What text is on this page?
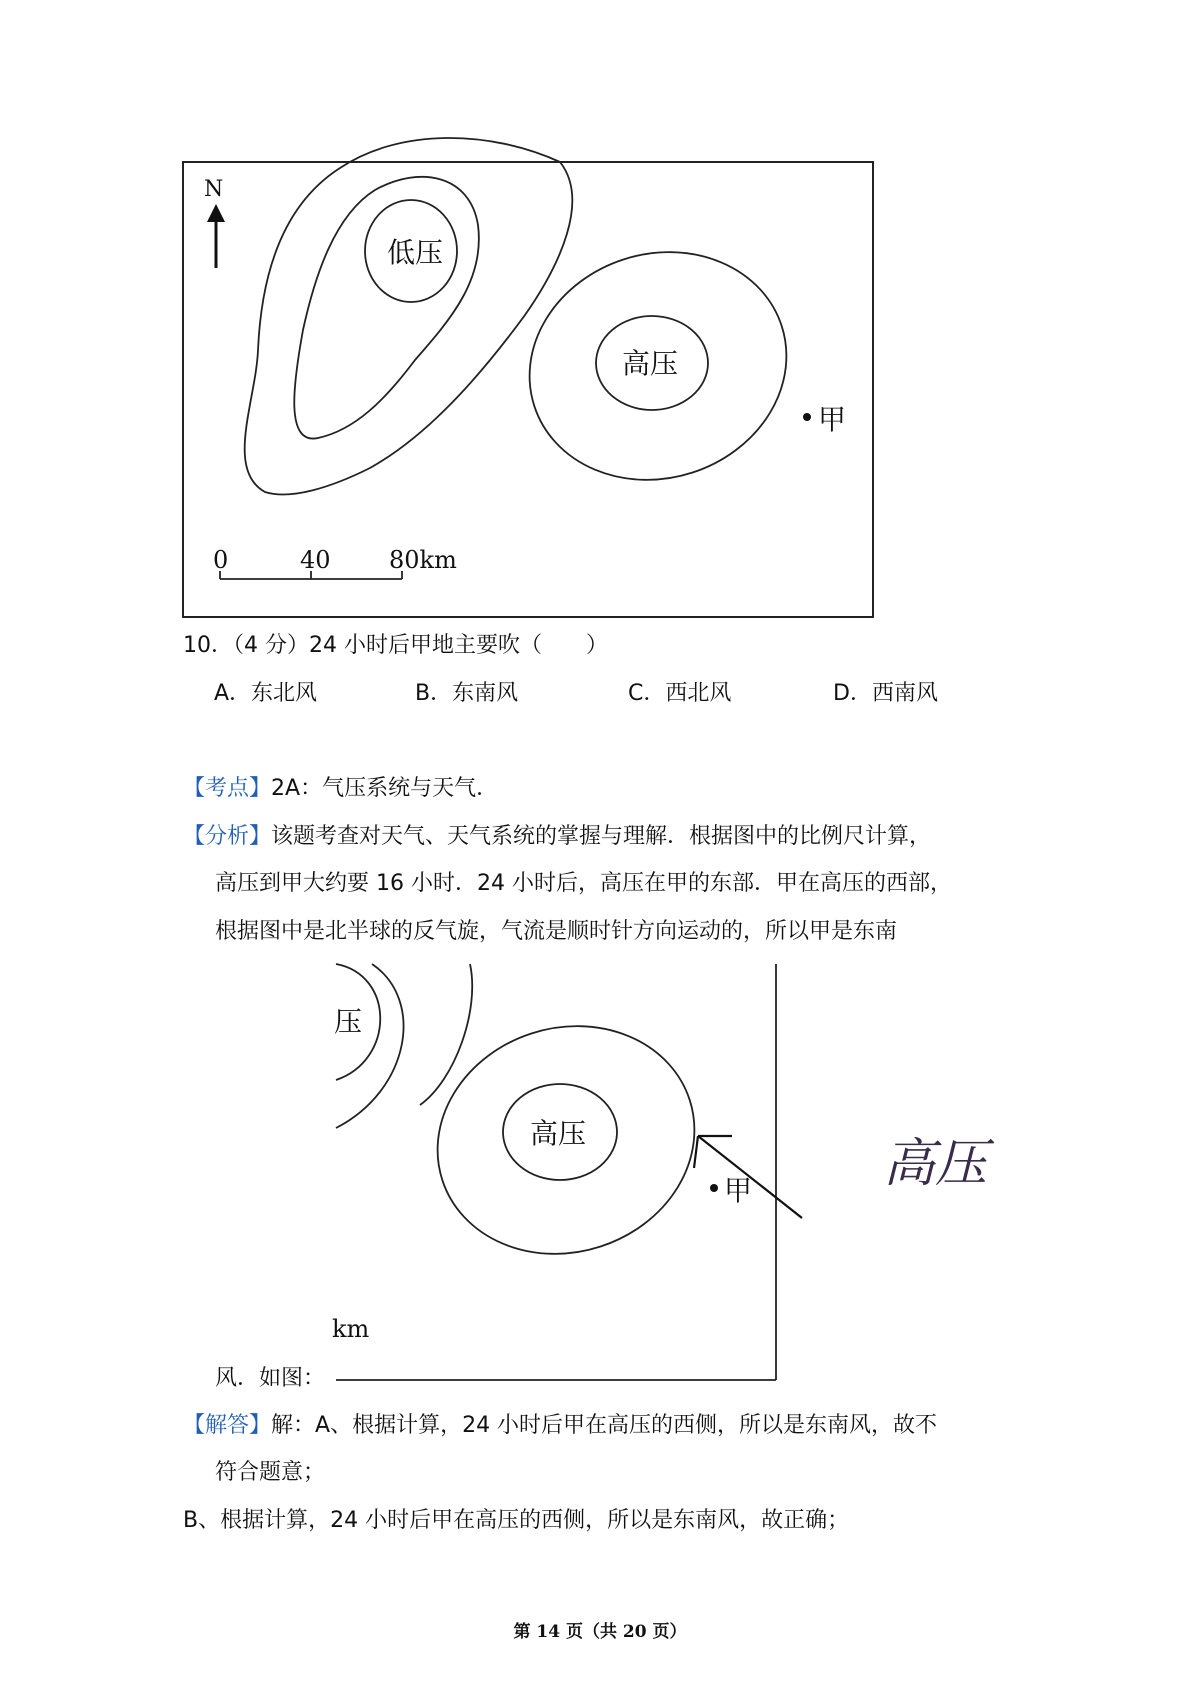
N
低压
高压
甲
0	40 80km
10．（4 分）24 小时后甲地主要吹（　　）
A．东北风	B．东南风	C．西北风	D．西南风
【考点】2A：气压系统与天气．
【分析】该题考查对天气、天气系统的掌握与理解．根据图中的比例尺计算，
高压到甲大约要 16 小时．24 小时后，高压在甲的东部．甲在高压的西部，
根据图中是北半球的反气旋，气流是顺时针方向运动的，所以甲是东南
压
高压
甲
km
高压
风．如图：
【解答】解：A、根据计算，24 小时后甲在高压的西侧，所以是东南风，故不
符合题意；
B、根据计算，24 小时后甲在高压的西侧，所以是东南风，故正确；
第 14 页（共 20 页）
